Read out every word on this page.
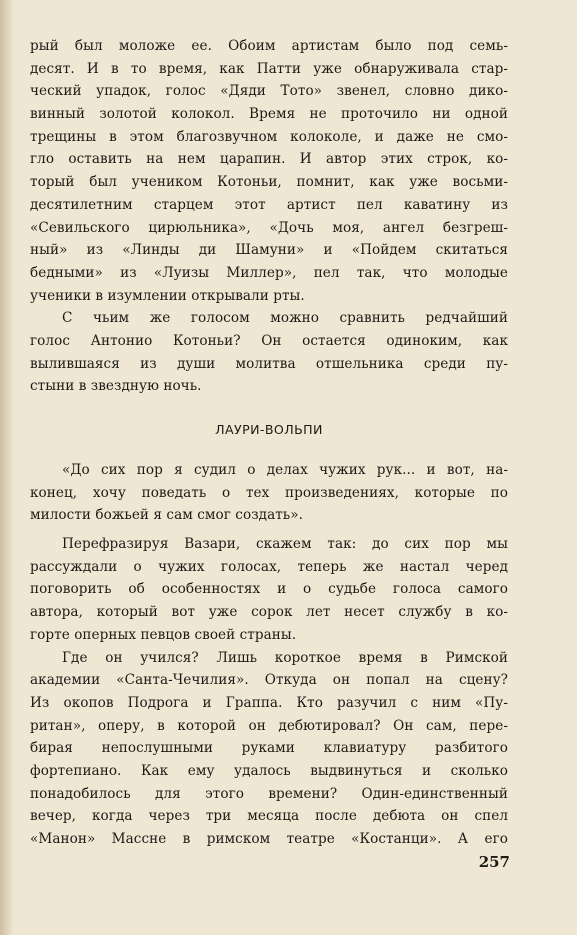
рый был моложе ее. Обоим артистам было под семь-
десят. И в то время, как Патти уже обнаруживала стар-
ческий упадок, голос «Дяди Тото» звенел, словно дико-
винный золотой колокол. Время не проточило ни одной
трещины в этом благозвучном колоколе, и даже не смо-
гло оставить на нем царапин. И автор этих строк, ко-
торый был учеником Котоньи, помнит, как уже восьми-
десятилетним старцем этот артист пел каватину из
«Севильского цирюльника», «Дочь моя, ангел безгреш-
ный» из «Линды ди Шамуни» и «Пойдем скитаться
бедными» из «Луизы Миллер», пел так, что молодые
ученики в изумлении открывали рты.
С чьим же голосом можно сравнить редчайший
голос Антонио Котоньи? Он остается одиноким, как
вылившаяся из души молитва отшельника среди пу-
стыни в звездную ночь.
ЛАУРИ-ВОЛЬПИ
«До сих пор я судил о делах чужих рук... и вот, на-
конец, хочу поведать о тех произведениях, которые по
милости божьей я сам смог создать».
Перефразируя Вазари, скажем так: до сих пор мы
рассуждали о чужих голосах, теперь же настал черед
поговорить об особенностях и о судьбе голоса самого
автора, который вот уже сорок лет несет службу в ко-
горте оперных певцов своей страны.
Где он учился? Лишь короткое время в Римской
академии «Санта-Чечилия». Откуда он попал на сцену?
Из окопов Подрога и Граппа. Кто разучил с ним «Пу-
ритан», оперу, в которой он дебютировал? Он сам, пере-
бирая непослушными руками клавиатуру разбитого
фортепиано. Как ему удалось выдвинуться и сколько
понадобилось для этого времени? Один-единственный
вечер, когда через три месяца после дебюта он спел
«Манон» Массне в римском театре «Костанци». А его
257
